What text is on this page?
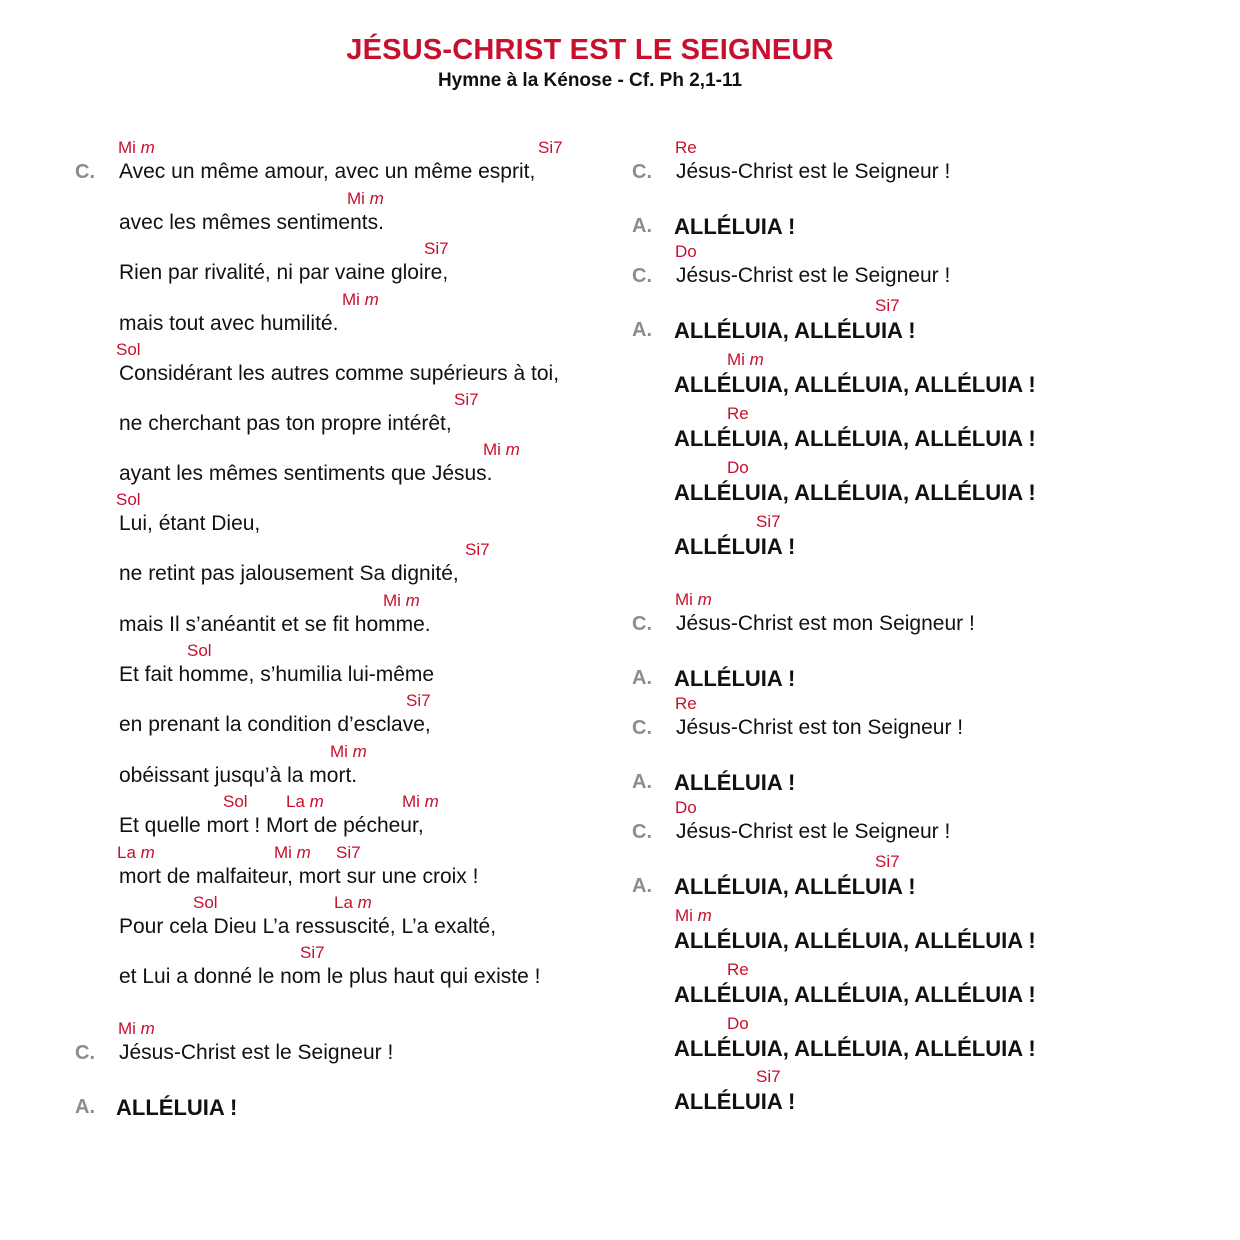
JÉSUS-CHRIST EST LE SEIGNEUR
Hymne à la Kénose - Cf. Ph 2,1-11
C. Avec un même amour, avec un même esprit,
Mi m	Si7
avec les mêmes sentiments.
Mi m
Rien par rivalité, ni par vaine gloire,
Si7
mais tout avec humilité.
Mi m
Considérant les autres comme supérieurs à toi,
Sol
ne cherchant pas ton propre intérêt,
Si7
ayant les mêmes sentiments que Jésus.
Mi m
Lui, étant Dieu,
Sol
ne retint pas jalousement Sa dignité,
Si7
mais Il s’anéantit et se fit homme.
Mi m
Et fait homme, s’humilia lui-même
Sol
en prenant la condition d’esclave,
Si7
obéissant jusqu’à la mort.
Mi m
Et quelle mort ! Mort de pécheur,
Sol La m	Mi m
mort de malfaiteur, mort sur une croix !
La m	Mi m Si7
Pour cela Dieu L’a ressuscité, L’a exalté,
Sol	La m
et Lui a donné le nom le plus haut qui existe !
Si7
C. Jésus-Christ est le Seigneur !
Mi m
A. ALLÉLUIA !
C. Jésus-Christ est le Seigneur !
Re
A. ALLÉLUIA !
C. Jésus-Christ est le Seigneur !
Do
A. ALLÉLUIA, ALLÉLUIA !
Si7
ALLÉLUIA, ALLÉLUIA, ALLÉLUIA !
Mi m
ALLÉLUIA, ALLÉLUIA, ALLÉLUIA !
Re
ALLÉLUIA, ALLÉLUIA, ALLÉLUIA !
Do
ALLÉLUIA !
Si7
C. Jésus-Christ est mon Seigneur !
Mi m
A. ALLÉLUIA !
C. Jésus-Christ est ton Seigneur !
Re
A. ALLÉLUIA !
C. Jésus-Christ est le Seigneur !
Do
A. ALLÉLUIA, ALLÉLUIA !
Si7
ALLÉLUIA, ALLÉLUIA, ALLÉLUIA !
Mi m
ALLÉLUIA, ALLÉLUIA, ALLÉLUIA !
Re
ALLÉLUIA, ALLÉLUIA, ALLÉLUIA !
Do
ALLÉLUIA !
Si7
